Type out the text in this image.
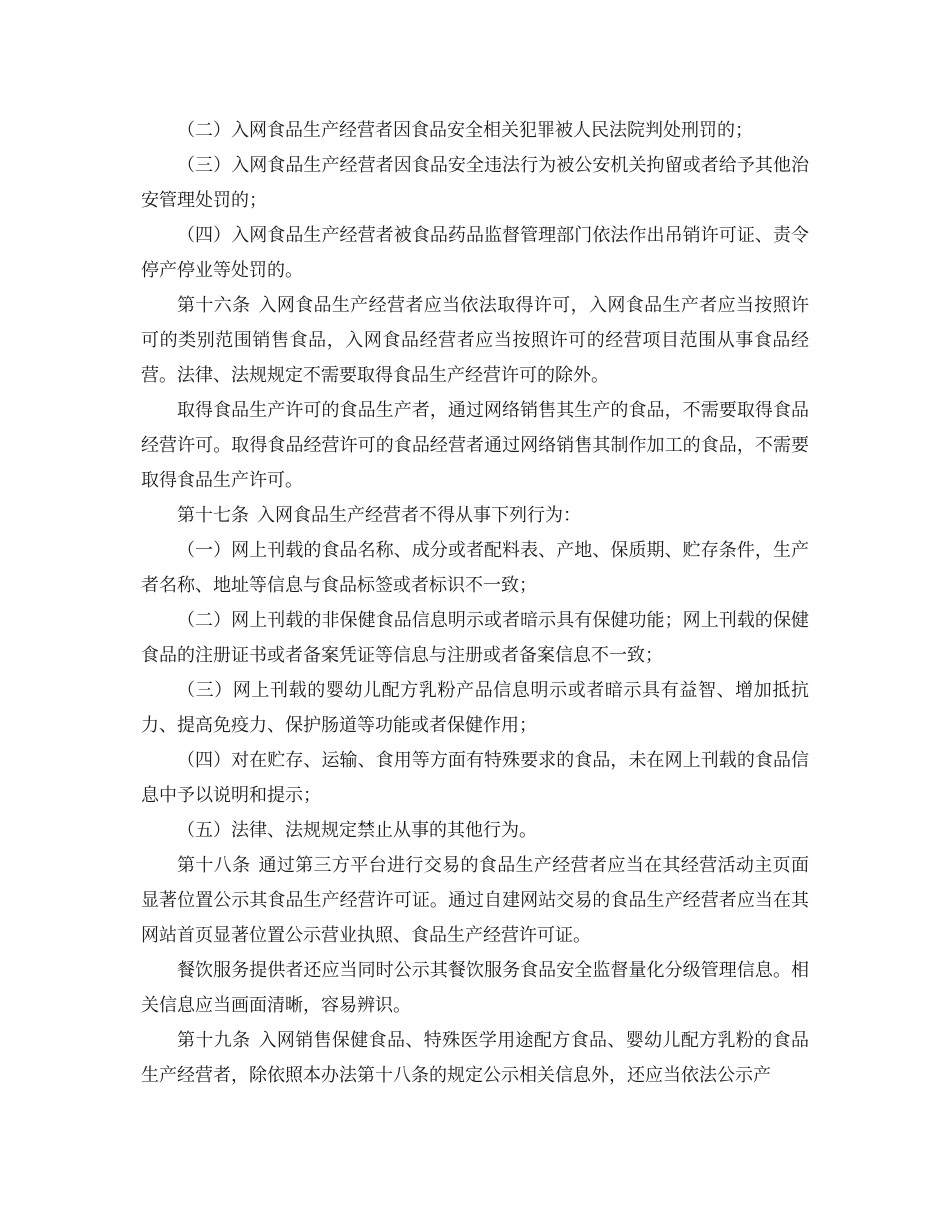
（二）入网食品生产经营者因食品安全相关犯罪被人民法院判处刑罚的；

（三）入网食品生产经营者因食品安全违法行为被公安机关拘留或者给予其他治安管理处罚的；

（四）入网食品生产经营者被食品药品监督管理部门依法作出吊销许可证、责令停产停业等处罚的。

第十六条 入网食品生产经营者应当依法取得许可，入网食品生产者应当按照许可的类别范围销售食品，入网食品经营者应当按照许可的经营项目范围从事食品经营。法律、法规规定不需要取得食品生产经营许可的除外。

取得食品生产许可的食品生产者，通过网络销售其生产的食品，不需要取得食品经营许可。取得食品经营许可的食品经营者通过网络销售其制作加工的食品，不需要取得食品生产许可。

第十七条 入网食品生产经营者不得从事下列行为：

（一）网上刊载的食品名称、成分或者配料表、产地、保质期、贮存条件，生产者名称、地址等信息与食品标签或者标识不一致；

（二）网上刊载的非保健食品信息明示或者暗示具有保健功能；网上刊载的保健食品的注册证书或者备案凭证等信息与注册或者备案信息不一致；

（三）网上刊载的婴幼儿配方乳粉产品信息明示或者暗示具有益智、增加抵抗力、提高免疫力、保护肠道等功能或者保健作用；

（四）对在贮存、运输、食用等方面有特殊要求的食品，未在网上刊载的食品信息中予以说明和提示；

（五）法律、法规规定禁止从事的其他行为。

第十八条 通过第三方平台进行交易的食品生产经营者应当在其经营活动主页面显著位置公示其食品生产经营许可证。通过自建网站交易的食品生产经营者应当在其网站首页显著位置公示营业执照、食品生产经营许可证。

餐饮服务提供者还应当同时公示其餐饮服务食品安全监督量化分级管理信息。相关信息应当画面清晰，容易辨识。

第十九条 入网销售保健食品、特殊医学用途配方食品、婴幼儿配方乳粉的食品生产经营者，除依照本办法第十八条的规定公示相关信息外，还应当依法公示产
